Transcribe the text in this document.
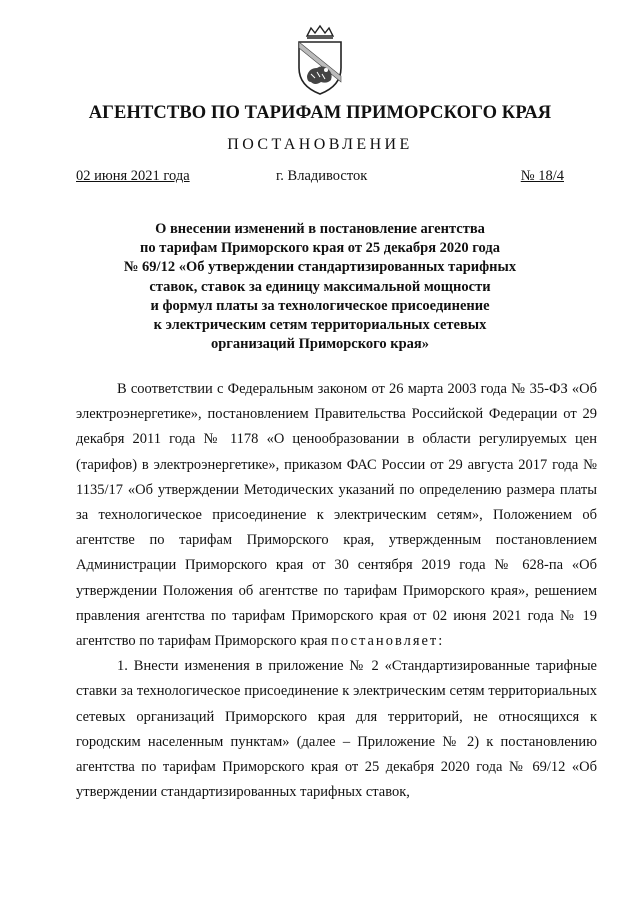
АГЕНТСТВО ПО ТАРИФАМ ПРИМОРСКОГО КРАЯ
ПОСТАНОВЛЕНИЕ
02 июня 2021 года	г. Владивосток	№ 18/4
О внесении изменений в постановление агентства
по тарифам Приморского края от 25 декабря 2020 года
№ 69/12 «Об утверждении стандартизированных тарифных
ставок, ставок за единицу максимальной мощности
и формул платы за технологическое присоединение
к электрическим сетям территориальных сетевых
организаций Приморского края»

В соответствии с Федеральным законом от 26 марта 2003 года № 35-ФЗ «Об электроэнергетике», постановлением Правительства Российской Федерации от 29 декабря 2011 года № 1178 «О ценообразовании в области регулируемых цен (тарифов) в электроэнергетике», приказом ФАС России от 29 августа 2017 года № 1135/17 «Об утверждении Методических указаний по определению размера платы за технологическое присоединение к электрическим сетям», Положением об агентстве по тарифам Приморского края, утвержденным постановлением Администрации Приморского края от 30 сентября 2019 года № 628-па «Об утверждении Положения об агентстве по тарифам Приморского края», решением правления агентства по тарифам Приморского края от 02 июня 2021 года № 19 агентство по тарифам Приморского края постановляет:

1. Внести изменения в приложение № 2 «Стандартизированные тарифные ставки за технологическое присоединение к электрическим сетям территориальных сетевых организаций Приморского края для территорий, не относящихся к городским населенным пунктам» (далее – Приложение № 2) к постановлению агентства по тарифам Приморского края от 25 декабря 2020 года № 69/12 «Об утверждении стандартизированных тарифных ставок,
